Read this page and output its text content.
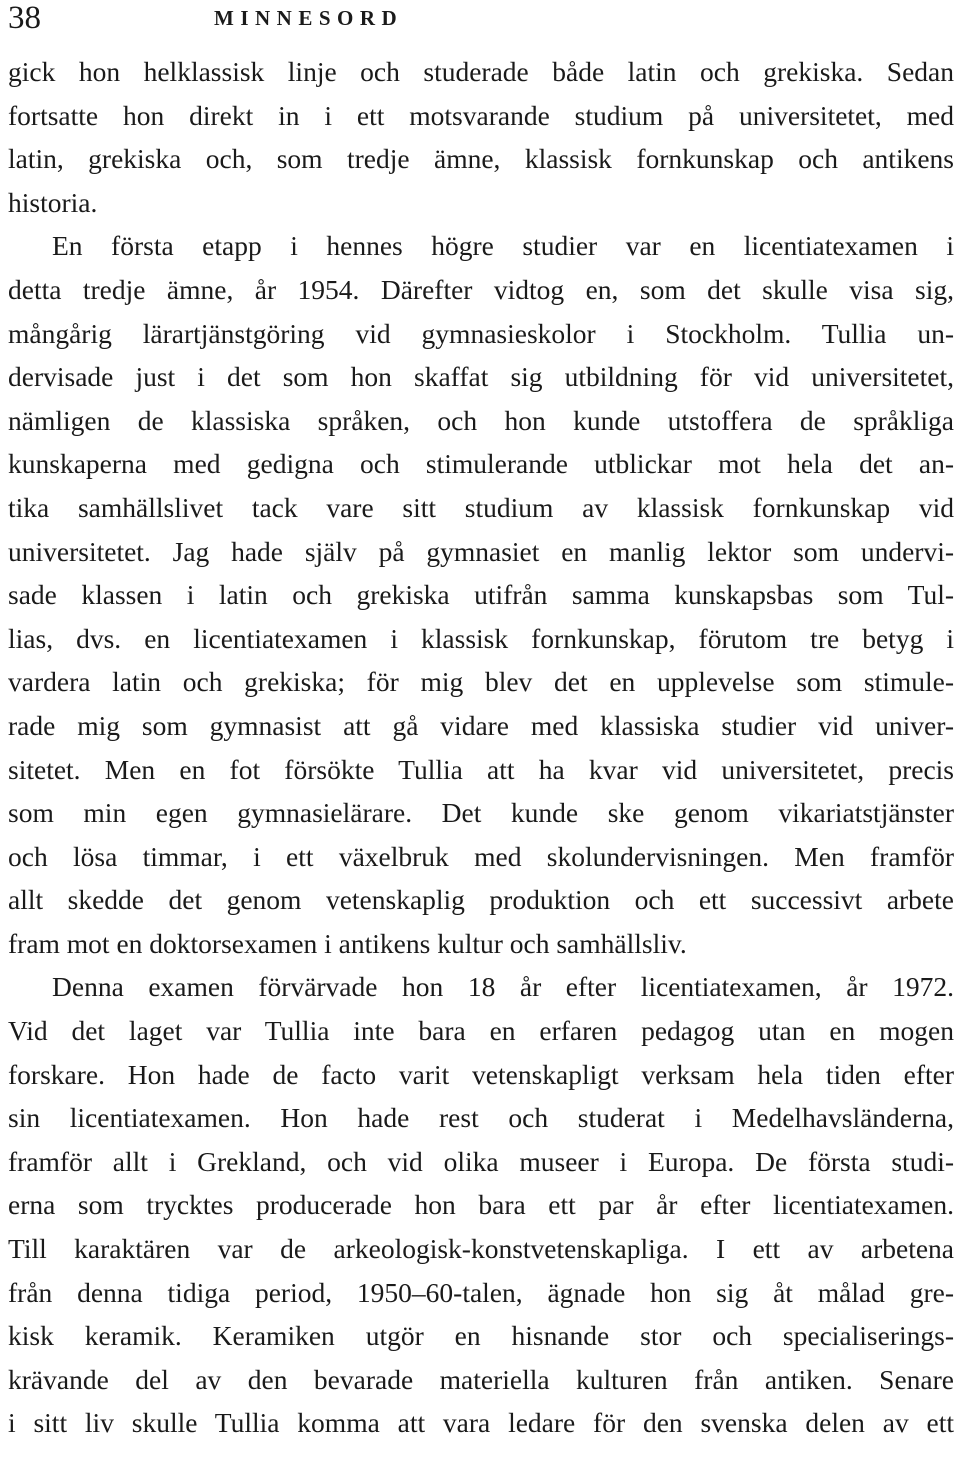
38	MINNESORD
gick hon helklassisk linje och studerade både latin och grekiska. Sedan
fortsatte hon direkt in i ett motsvarande studium på universitetet, med
latin, grekiska och, som tredje ämne, klassisk fornkunskap och antikens
historia.
En första etapp i hennes högre studier var en licentiatexamen i
detta tredje ämne, år 1954. Därefter vidtog en, som det skulle visa sig,
mångårig lärartjänstgöring vid gymnasieskolor i Stockholm. Tullia un-
dervisade just i det som hon skaffat sig utbildning för vid universitetet,
nämligen de klassiska språken, och hon kunde utstoffera de språkliga
kunskaperna med gedigna och stimulerande utblickar mot hela det an-
tika samhällslivet tack vare sitt studium av klassisk fornkunskap vid
universitetet. Jag hade själv på gymnasiet en manlig lektor som undervi-
sade klassen i latin och grekiska utifrån samma kunskapsbas som Tul-
lias, dvs. en licentiatexamen i klassisk fornkunskap, förutom tre betyg i
vardera latin och grekiska; för mig blev det en upplevelse som stimule-
rade mig som gymnasist att gå vidare med klassiska studier vid univer-
sitetet. Men en fot försökte Tullia att ha kvar vid universitetet, precis
som min egen gymnasielärare. Det kunde ske genom vikariatstjänster
och lösa timmar, i ett växelbruk med skolundervisningen. Men framför
allt skedde det genom vetenskaplig produktion och ett successivt arbete
fram mot en doktorsexamen i antikens kultur och samhällsliv.
Denna examen förvärvade hon 18 år efter licentiatexamen, år 1972.
Vid det laget var Tullia inte bara en erfaren pedagog utan en mogen
forskare. Hon hade de facto varit vetenskapligt verksam hela tiden efter
sin licentiatexamen. Hon hade rest och studerat i Medelhavsländerna,
framför allt i Grekland, och vid olika museer i Europa. De första studi-
erna som trycktes producerade hon bara ett par år efter licentiatexamen.
Till karaktären var de arkeologisk-konstvetenskapliga. I ett av arbetena
från denna tidiga period, 1950–60-talen, ägnade hon sig åt målad gre-
kisk keramik. Keramiken utgör en hisnande stor och specialiserings-
krävande del av den bevarade materiella kulturen från antiken. Senare
i sitt liv skulle Tullia komma att vara ledare för den svenska delen av ett
